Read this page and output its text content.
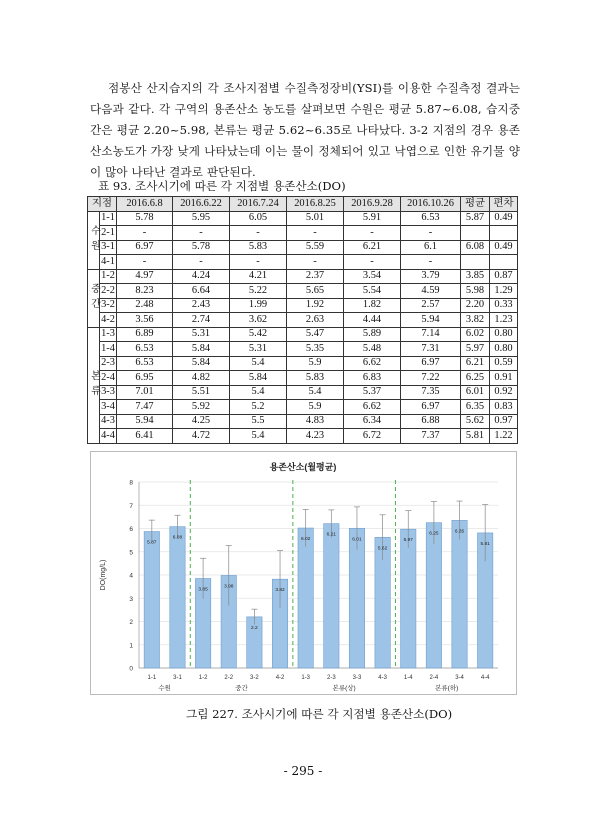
점봉산 산지습지의 각 조사지점별 수질측정장비(YSI)를 이용한 수질측정 결과는 다음과 같다. 각 구역의 용존산소 농도를 살펴보면 수원은 평균 5.87~6.08, 습지중간은 평균 2.20~5.98, 본류는 평균 5.62~6.35로 나타났다. 3-2 지점의 경우 용존산소농도가 가장 낮게 나타났는데 이는 물이 정체되어 있고 낙엽으로 인한 유기물 양이 많아 나타난 결과로 판단된다.

표 93. 조사시기에 따른 각 지점별 용존산소(DO)
지점		2016.6.8	2016.6.22	2016.7.24	2016.8.25	2016.9.28	2016.10.26	평균	편차
수원	1-1	5.78	5.95	6.05	5.01	5.91	6.53	5.87	0.49
	2-1	-	-	-	-	-	-		
	3-1	6.97	5.78	5.83	5.59	6.21	6.1	6.08	0.49
	4-1	-	-	-	-	-	-		
중간	1-2	4.97	4.24	4.21	2.37	3.54	3.79	3.85	0.87
	2-2	8.23	6.64	5.22	5.65	5.54	4.59	5.98	1.29
	3-2	2.48	2.43	1.99	1.92	1.82	2.57	2.20	0.33
	4-2	3.56	2.74	3.62	2.63	4.44	5.94	3.82	1.23
본류	1-3	6.89	5.31	5.42	5.47	5.89	7.14	6.02	0.80
	1-4	6.53	5.84	5.31	5.35	5.48	7.31	5.97	0.80
	2-3	6.53	5.84	5.4	5.9	6.62	6.97	6.21	0.59
	2-4	6.95	4.82	5.84	5.83	6.83	7.22	6.25	0.91
	3-3	7.01	5.51	5.4	5.4	5.37	7.35	6.01	0.92
	3-4	7.47	5.92	5.2	5.9	6.62	6.97	6.35	0.83
	4-3	5.94	4.25	5.5	4.83	6.34	6.88	5.62	0.97
	4-4	6.41	4.72	5.4	4.23	6.72	7.37	5.81	1.22
용존산소(월평균)
0
1
2
3
4
5
6
7
8
DO(mg/L)
5.87
1-1
6.08
3-1
3.85
1-2
3.98
2-2
2.2
3-2
3.82
4-2
6.02
1-3
6.21
2-3
6.01
3-3
5.62
4-3
5.97
1-4
6.25
2-4
6.35
3-4
5.81
4-4
수원	중간	본류(상)	본류(하)
그림 227. 조사시기에 따른 각 지점별 용존산소(DO)
- 295 -
